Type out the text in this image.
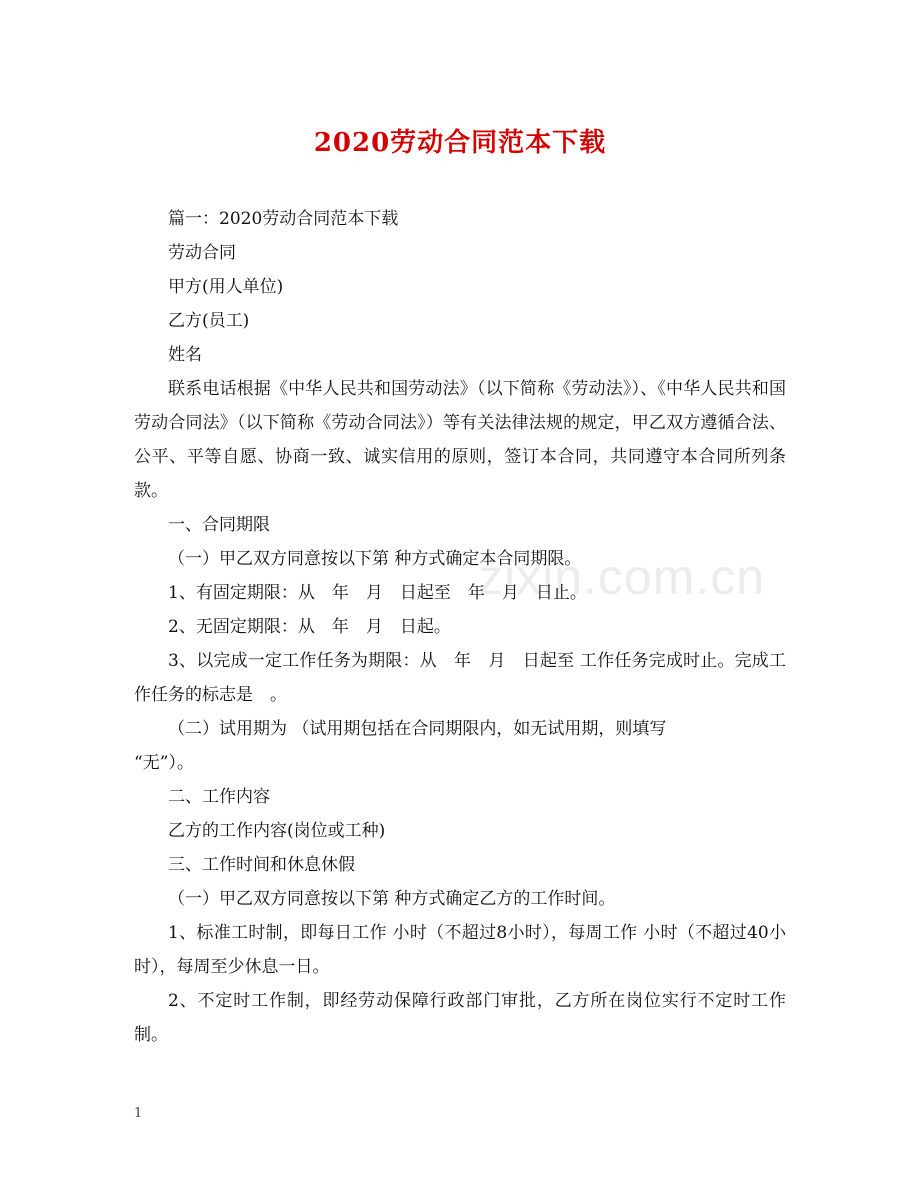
2020劳动合同范本下载
zixin.com.cn

篇一：2020劳动合同范本下载

劳动合同

甲方(用人单位)

乙方(员工)

姓名

联系电话根据《中华人民共和国劳动法》（以下简称《劳动法》）、《中华人民共和国劳动合同法》（以下简称《劳动合同法》）等有关法律法规的规定，甲乙双方遵循合法、公平、平等自愿、协商一致、诚实信用的原则，签订本合同，共同遵守本合同所列条款。

一、合同期限

（一）甲乙双方同意按以下第 种方式确定本合同期限。

1、有固定期限：从　年　月　日起至　年　月　日止。

2、无固定期限：从　年　月　日起。

3、以完成一定工作任务为期限：从　年　月　日起至 工作任务完成时止。完成工作任务的标志是　。

（二）试用期为 （试用期包括在合同期限内，如无试用期，则填写

“无”）。

二、工作内容

乙方的工作内容(岗位或工种)

三、工作时间和休息休假

（一）甲乙双方同意按以下第 种方式确定乙方的工作时间。

1、标准工时制，即每日工作 小时（不超过8小时），每周工作 小时（不超过40小时），每周至少休息一日。

2、不定时工作制，即经劳动保障行政部门审批，乙方所在岗位实行不定时工作制。

1
